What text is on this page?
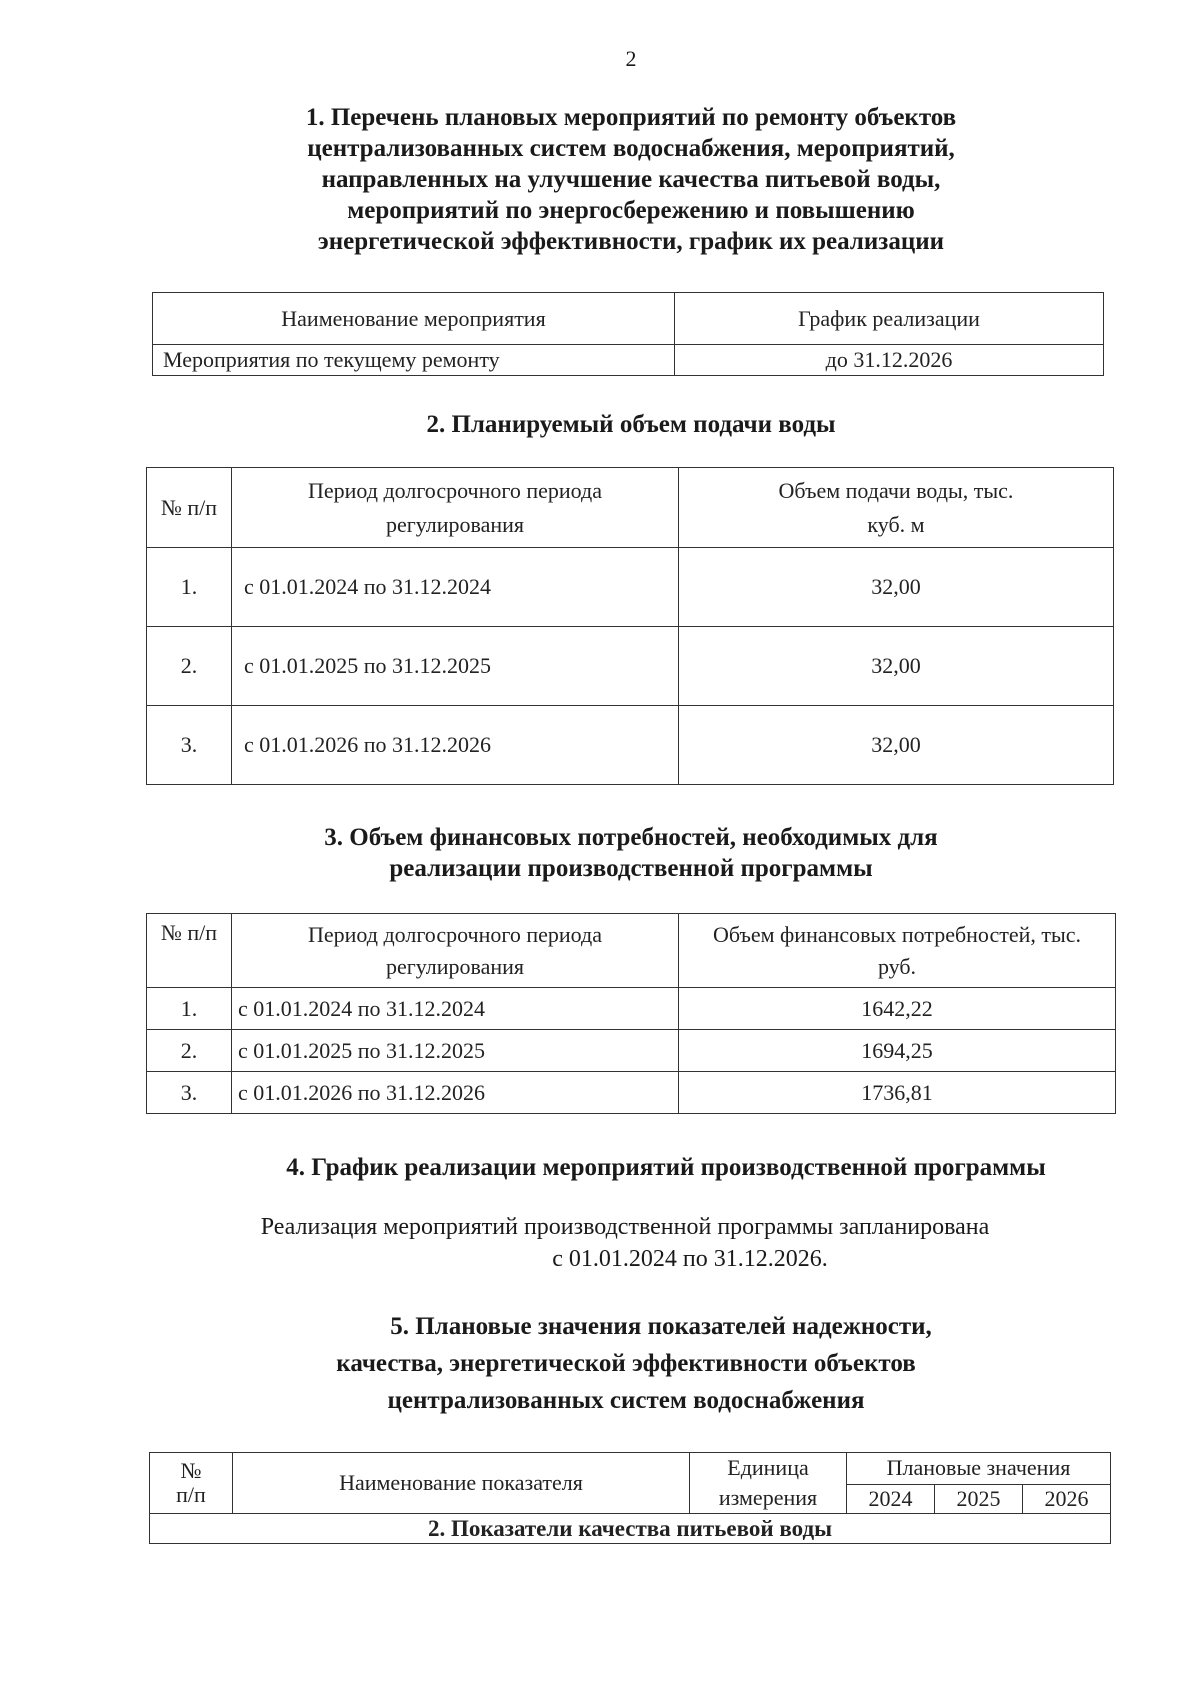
2
1. Перечень плановых мероприятий по ремонту объектов
централизованных систем водоснабжения, мероприятий,
направленных на улучшение качества питьевой воды,
мероприятий по энергосбережению и повышению
энергетической эффективности, график их реализации
Наименование мероприятия	График реализации
Мероприятия по текущему ремонту	до 31.12.2026
2. Планируемый объем подачи воды
№ п/п	Период долгосрочного периода регулирования	Объем подачи воды, тыс. куб. м

1.	с 01.01.2024 по 31.12.2024	32,00
2.	с 01.01.2025 по 31.12.2025	32,00
3.	с 01.01.2026 по 31.12.2026	32,00
3. Объем финансовых потребностей, необходимых для
реализации производственной программы
№ п/п	Период долгосрочного периода регулирования	Объем финансовых потребностей, тыс. руб.

1.	с 01.01.2024 по 31.12.2024	1642,22
2.	с 01.01.2025 по 31.12.2025	1694,25
3.	с 01.01.2026 по 31.12.2026	1736,81
4. График реализации мероприятий производственной программы
Реализация мероприятий производственной программы запланирована
с 01.01.2024 по 31.12.2026.
5. Плановые значения показателей надежности,
качества, энергетической эффективности объектов
централизованных систем водоснабжения
№ п/п	Наименование показателя	Единица измерения	Плановые значения		
			2024	2025	2026
2. Показатели качества питьевой воды					
